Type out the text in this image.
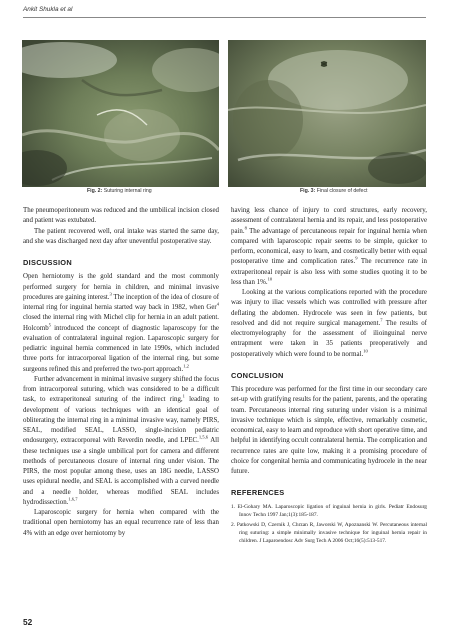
Ankit Shukla et al
Fig. 2: Suturing internal ring	Fig. 3: Final closure of defect

The pneumoperitoneum was reduced and the umbilical incision closed and patient was extubated.

The patient recovered well, oral intake was started the same day, and she was discharged next day after uneventful postoperative stay.

DISCUSSION

Open herniotomy is the gold standard and the most commonly performed surgery for hernia in children, and minimal invasive procedures are gaining interest.$^3$ The inception of the idea of closure of internal ring for inguinal hernia started way back in 1982, when Ger$^4$ closed the internal ring with Michel clip for hernia in an adult patient. Holcomb$^5$ introduced the concept of diagnostic laparoscopy for the evaluation of contralateral inguinal region. Laparoscopic surgery for pediatric inguinal hernia commenced in late 1990s, which included three ports for intracorporeal ligation of the internal ring, but some surgeons refined this and preferred the two-port approach.$^{1,2}$

Further advancement in minimal invasive surgery shifted the focus from intracorporeal suturing, which was considered to be a difficult task, to extraperitoneal suturing of the indirect ring,$^1$ leading to development of various techniques with an identical goal of obliterating the internal ring in a minimal invasive way, namely PIRS, SEAL, modified SEAL, LASSO, single-incision pediatric endosurgery, extracorporeal with Reverdin needle, and LPEC.$^{1,5,6}$ All these techniques use a single umbilical port for camera and different methods of percutaneous closure of internal ring under vision. The PIRS, the most popular among these, uses an 18G needle, LASSO uses epidural needle, and SEAL is accomplished with a curved needle and a needle holder, whereas modified SEAL includes hydrodissection.$^{1,6,7}$

Laparoscopic surgery for hernia when compared with the traditional open herniotomy has an equal recurrence rate of less than 4% with an edge over herniotomy by

having less chance of injury to cord structures, early recovery, assessment of contralateral hernia and its repair, and less postoperative pain.$^8$ The advantage of percutaneous repair for inguinal hernia when compared with laparoscopic repair seems to be simple, quicker to perform, economical, easy to learn, and cosmetically better with equal postoperative time and complication rates.$^9$ The recurrence rate in extraperitoneal repair is also less with some studies quoting it to be less than 1%.$^{10}$

Looking at the various complications reported with the procedure was injury to iliac vessels which was controlled with pressure after deflating the abdomen. Hydrocele was seen in few patients, but resolved and did not require surgical management.$^7$ The results of electromyelography for the assessment of ilioinguinal nerve entrapment were taken in 35 patients preoperatively and postoperatively which were found to be normal.$^{10}$

CONCLUSION

This procedure was performed for the first time in our secondary care set-up with gratifying results for the patient, parents, and the operating team. Percutaneous internal ring suturing under vision is a minimal invasive technique which is simple, effective, remarkably cosmetic, economical, easy to learn and reproduce with short operative time, and helpful in identifying occult contralateral hernia. The complication and recurrence rates are quite low, making it a promising procedure of choice for congenital hernia and communicating hydrocele in the near future.

REFERENCES
1. El-Gohary MA. Laparoscopic ligation of inguinal hernia in girls. Pediatr Endosurg Innov Techn 1997 Jan;1(3):185-187.
2. Patkowski D, Czernik J, Chrzan R, Jaworski W, Apoznanski W. Percutaneous internal ring suturing: a simple minimally invasive technique for inguinal hernia repair in children. J Laparoendosc Adv Surg Tech A 2006 Oct;16(5):513-517.
52
